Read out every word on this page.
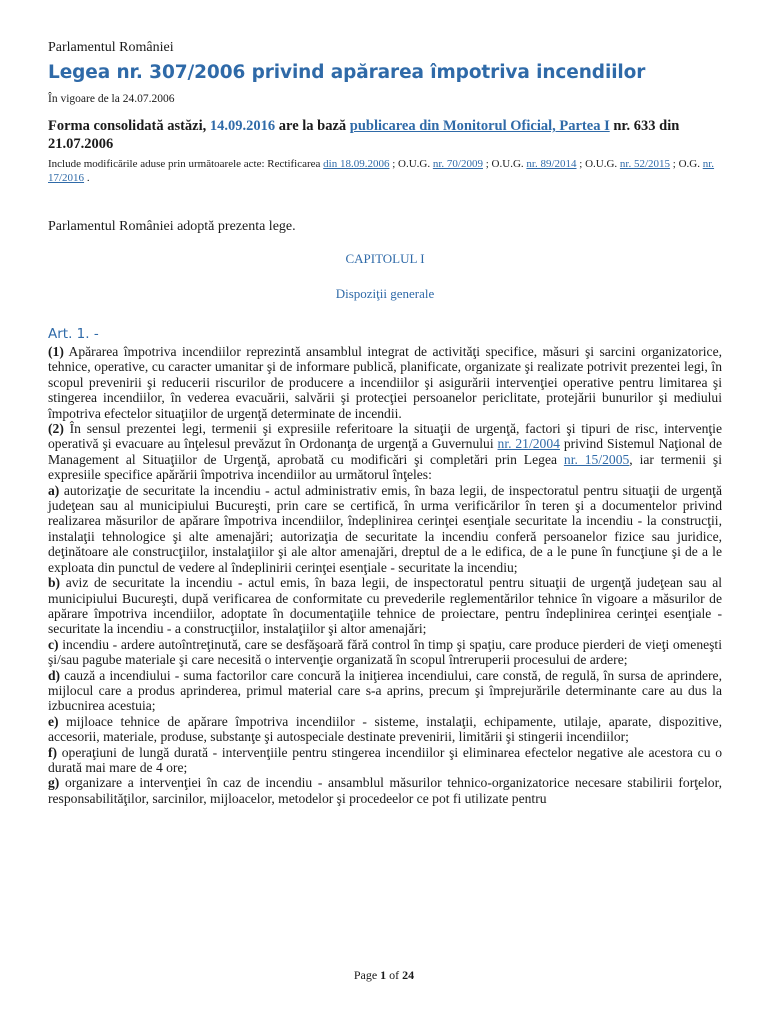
Parlamentul României

Legea nr. 307/2006 privind apărarea împotriva incendiilor

În vigoare de la 24.07.2006

Forma consolidată astăzi, 14.09.2016 are la bază publicarea din Monitorul Oficial, Partea I nr. 633 din 21.07.2006

Include modificările aduse prin următoarele acte: Rectificarea din 18.09.2006 ; O.U.G. nr. 70/2009 ; O.U.G. nr. 89/2014 ; O.U.G. nr. 52/2015 ; O.G. nr. 17/2016 .

Parlamentul României adoptă prezenta lege.

CAPITOLUL I

Dispoziţii generale

Art. 1. -

(1) Apărarea împotriva incendiilor reprezintă ansamblul integrat de activităţi specifice, măsuri şi sarcini organizatorice, tehnice, operative, cu caracter umanitar şi de informare publică, planificate, organizate şi realizate potrivit prezentei legi, în scopul prevenirii şi reducerii riscurilor de producere a incendiilor şi asigurării intervenţiei operative pentru limitarea şi stingerea incendiilor, în vederea evacuării, salvării şi protecţiei persoanelor periclitate, protejării bunurilor şi mediului împotriva efectelor situaţiilor de urgenţă determinate de incendii.

(2) În sensul prezentei legi, termenii şi expresiile referitoare la situaţii de urgenţă, factori şi tipuri de risc, intervenţie operativă şi evacuare au înţelesul prevăzut în Ordonanţa de urgenţă a Guvernului nr. 21/2004 privind Sistemul Naţional de Management al Situaţiilor de Urgenţă, aprobată cu modificări şi completări prin Legea nr. 15/2005, iar termenii şi expresiile specifice apărării împotriva incendiilor au următorul înţeles:

a) autorizaţie de securitate la incendiu - actul administrativ emis, în baza legii, de inspectoratul pentru situaţii de urgenţă judeţean sau al municipiului Bucureşti, prin care se certifică, în urma verificărilor în teren şi a documentelor privind realizarea măsurilor de apărare împotriva incendiilor, îndeplinirea cerinţei esenţiale securitate la incendiu - la construcţii, instalaţii tehnologice şi alte amenajări; autorizaţia de securitate la incendiu conferă persoanelor fizice sau juridice, deţinătoare ale construcţiilor, instalaţiilor şi ale altor amenajări, dreptul de a le edifica, de a le pune în funcţiune şi de a le exploata din punctul de vedere al îndeplinirii cerinţei esenţiale - securitate la incendiu;

b) aviz de securitate la incendiu - actul emis, în baza legii, de inspectoratul pentru situaţii de urgenţă judeţean sau al municipiului Bucureşti, după verificarea de conformitate cu prevederile reglementărilor tehnice în vigoare a măsurilor de apărare împotriva incendiilor, adoptate în documentaţiile tehnice de proiectare, pentru îndeplinirea cerinţei esenţiale - securitate la incendiu - a construcţiilor, instalaţiilor şi altor amenajări;

c) incendiu - ardere autoîntreţinută, care se desfăşoară fără control în timp şi spaţiu, care produce pierderi de vieţi omeneşti şi/sau pagube materiale şi care necesită o intervenţie organizată în scopul întreruperii procesului de ardere;

d) cauză a incendiului - suma factorilor care concură la iniţierea incendiului, care constă, de regulă, în sursa de aprindere, mijlocul care a produs aprinderea, primul material care s-a aprins, precum şi împrejurările determinante care au dus la izbucnirea acestuia;

e) mijloace tehnice de apărare împotriva incendiilor - sisteme, instalaţii, echipamente, utilaje, aparate, dispozitive, accesorii, materiale, produse, substanţe şi autospeciale destinate prevenirii, limitării şi stingerii incendiilor;

f) operaţiuni de lungă durată - intervenţiile pentru stingerea incendiilor şi eliminarea efectelor negative ale acestora cu o durată mai mare de 4 ore;

g) organizare a intervenţiei în caz de incendiu - ansamblul măsurilor tehnico-organizatorice necesare stabilirii forţelor, responsabilităţilor, sarcinilor, mijloacelor, metodelor şi procedeelor ce pot fi utilizate pentru

Page 1 of 24
